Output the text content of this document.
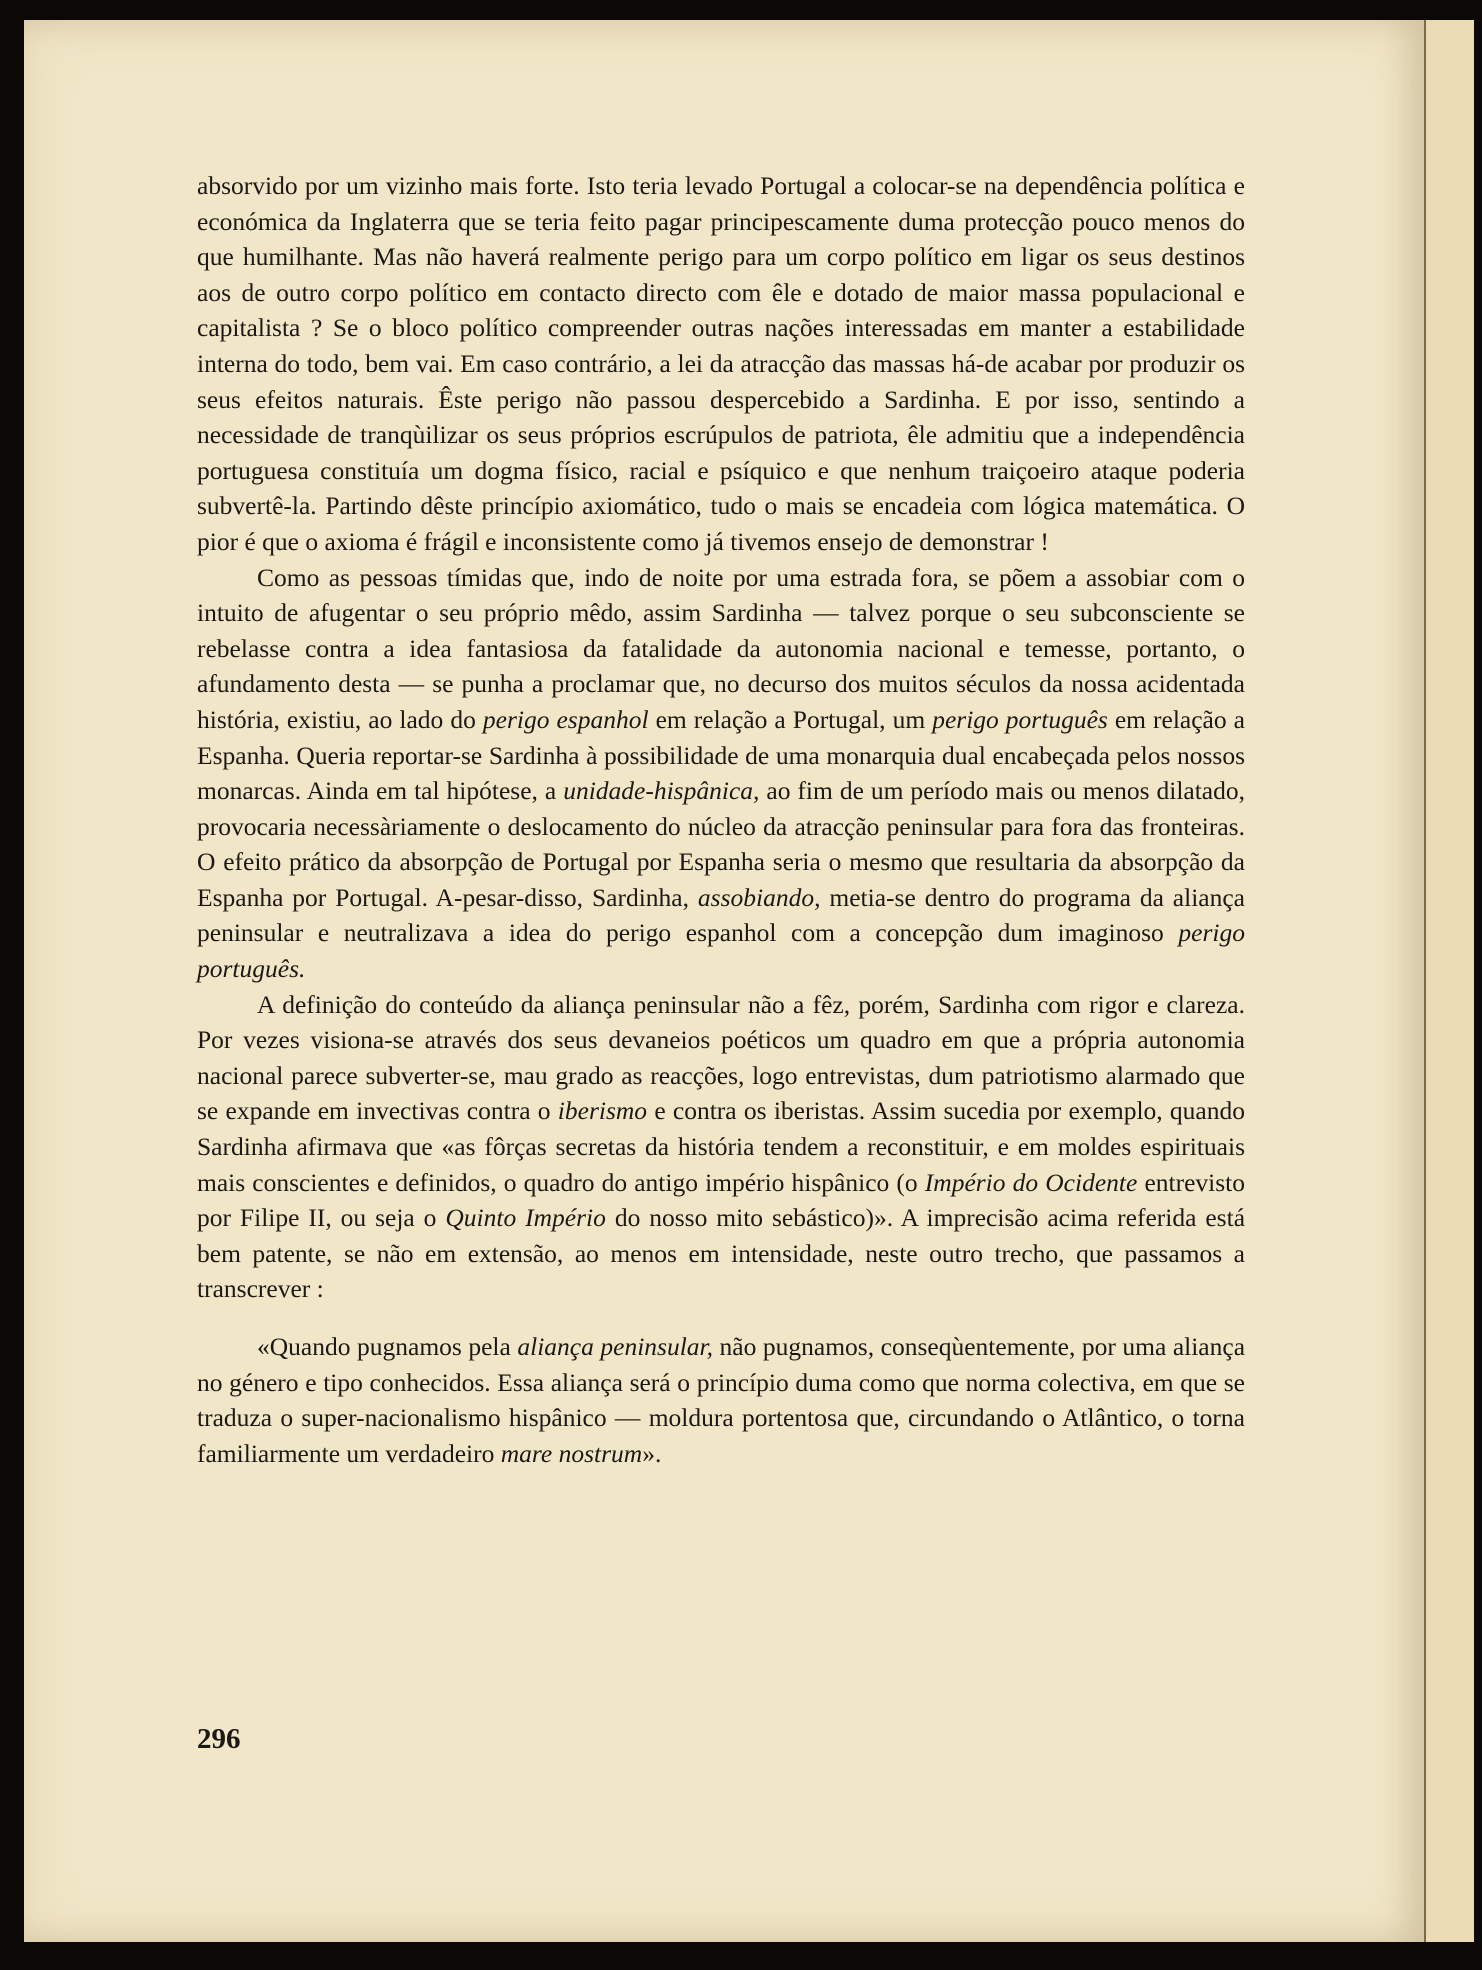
absorvido por um vizinho mais forte. Isto teria levado Portugal a colocar-se na dependência política e económica da Inglaterra que se teria feito pagar principescamente duma protecção pouco menos do que humilhante. Mas não haverá realmente perigo para um corpo político em ligar os seus destinos aos de outro corpo político em contacto directo com êle e dotado de maior massa populacional e capitalista ? Se o bloco político compreender outras nações interessadas em manter a estabilidade interna do todo, bem vai. Em caso contrário, a lei da atracção das massas há-de acabar por produzir os seus efeitos naturais. Êste perigo não passou despercebido a Sardinha. E por isso, sentindo a necessidade de tranqùilizar os seus próprios escrúpulos de patriota, êle admitiu que a independência portuguesa constituía um dogma físico, racial e psíquico e que nenhum traiçoeiro ataque poderia subvertê-la. Partindo dêste princípio axiomático, tudo o mais se encadeia com lógica matemática. O pior é que o axioma é frágil e inconsistente como já tivemos ensejo de demonstrar !

Como as pessoas tímidas que, indo de noite por uma estrada fora, se põem a assobiar com o intuito de afugentar o seu próprio mêdo, assim Sardinha — talvez porque o seu subconsciente se rebelasse contra a idea fantasiosa da fatalidade da autonomia nacional e temesse, portanto, o afundamento desta — se punha a proclamar que, no decurso dos muitos séculos da nossa acidentada história, existiu, ao lado do perigo espanhol em relação a Portugal, um perigo português em relação a Espanha. Queria reportar-se Sardinha à possibilidade de uma monarquia dual encabeçada pelos nossos monarcas. Ainda em tal hipótese, a unidade-hispânica, ao fim de um período mais ou menos dilatado, provocaria necessàriamente o deslocamento do núcleo da atracção peninsular para fora das fronteiras. O efeito prático da absorpção de Portugal por Espanha seria o mesmo que resultaria da absorpção da Espanha por Portugal. A-pesar-disso, Sardinha, assobiando, metia-se dentro do programa da aliança peninsular e neutralizava a idea do perigo espanhol com a concepção dum imaginoso perigo português.

A definição do conteúdo da aliança peninsular não a fêz, porém, Sardinha com rigor e clareza. Por vezes visiona-se através dos seus devaneios poéticos um quadro em que a própria autonomia nacional parece subverter-se, mau grado as reacções, logo entrevistas, dum patriotismo alarmado que se expande em invectivas contra o iberismo e contra os iberistas. Assim sucedia por exemplo, quando Sardinha afirmava que «as fôrças secretas da história tendem a reconstituir, e em moldes espirituais mais conscientes e definidos, o quadro do antigo império hispânico (o Império do Ocidente entrevisto por Filipe II, ou seja o Quinto Império do nosso mito sebástico)». A imprecisão acima referida está bem patente, se não em extensão, ao menos em intensidade, neste outro trecho, que passamos a transcrever :

«Quando pugnamos pela aliança peninsular, não pugnamos, conseqùentemente, por uma aliança no género e tipo conhecidos. Essa aliança será o princípio duma como que norma colectiva, em que se traduza o super-nacionalismo hispânico — moldura portentosa que, circundando o Atlântico, o torna familiarmente um verdadeiro mare nostrum».

296
